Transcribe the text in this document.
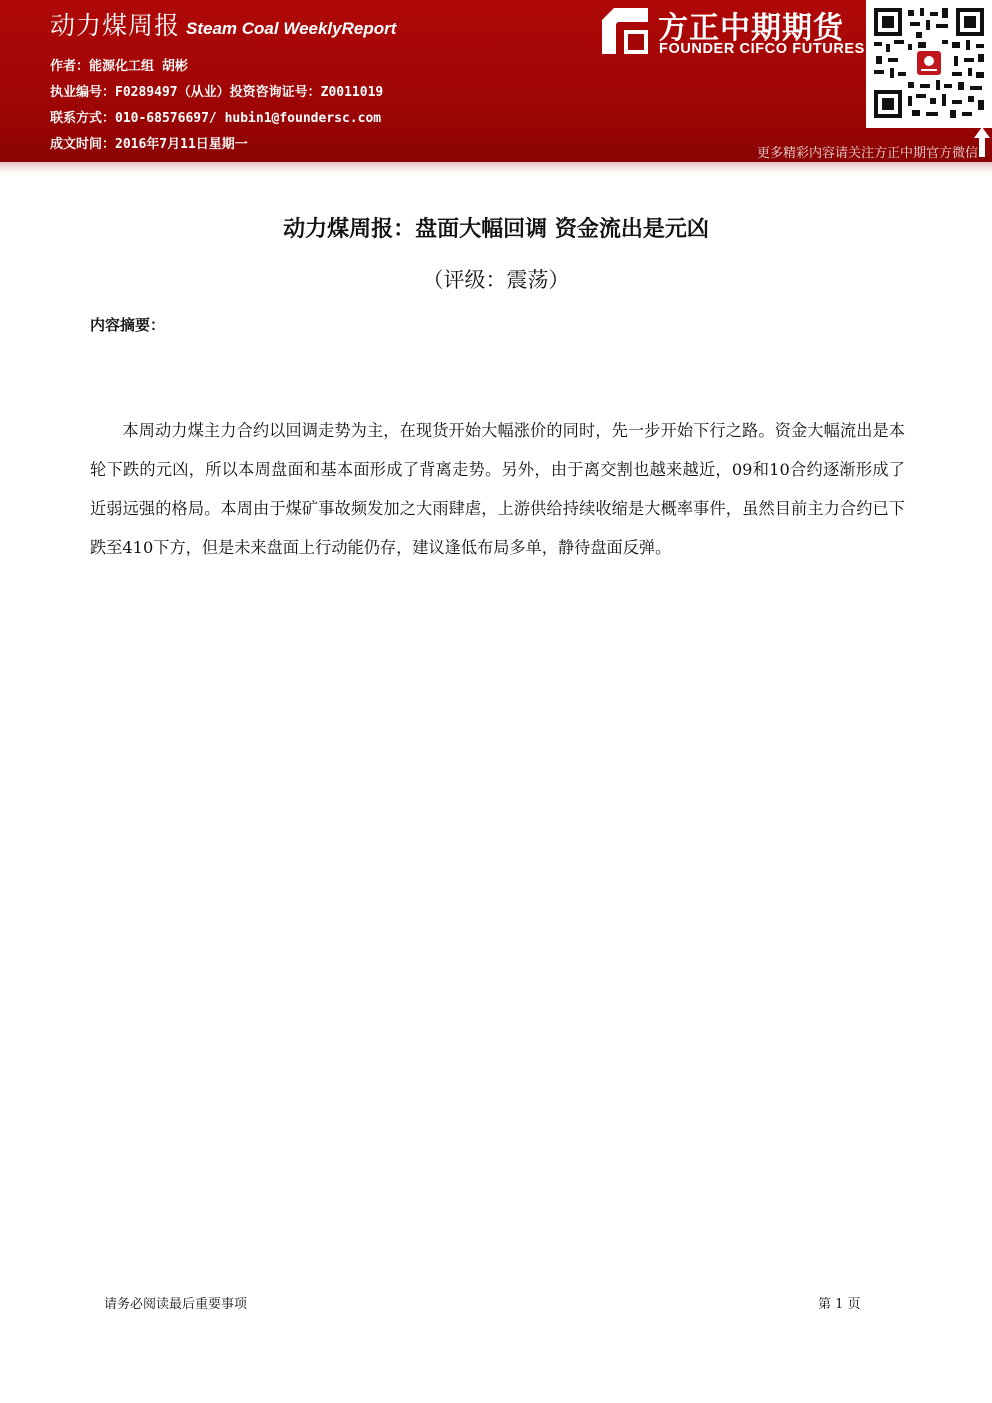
动力煤周报 Steam Coal WeeklyReport
作者：能源化工组 胡彬
执业编号：F0289497（从业）投资咨询证号：Z0011019
联系方式：010-68576697/ hubin1@foundersc.com
成文时间：2016年7月11日星期一
方正中期期货
FOUNDER CIFCO FUTURES
更多精彩内容请关注方正中期官方微信
动力煤周报：盘面大幅回调 资金流出是元凶
（评级：震荡）
内容摘要：

本周动力煤主力合约以回调走势为主，在现货开始大幅涨价的同时，先一步开始下行之路。资金大幅流出是本轮下跌的元凶，所以本周盘面和基本面形成了背离走势。另外，由于离交割也越来越近，09和10合约逐渐形成了近弱远强的格局。本周由于煤矿事故频发加之大雨肆虐，上游供给持续收缩是大概率事件，虽然目前主力合约已下跌至410下方，但是未来盘面上行动能仍存，建议逢低布局多单，静待盘面反弹。

请务必阅读最后重要事项	第 1 页
